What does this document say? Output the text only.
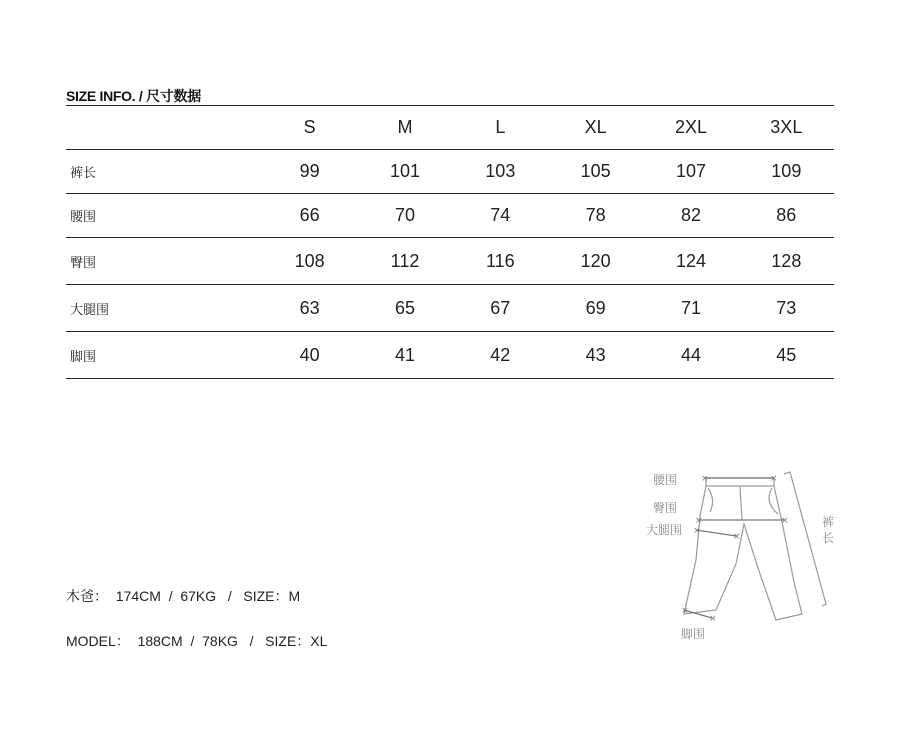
SIZE INFO. / 尺寸数据
	S	M	L	XL	2XL	3XL
裤长	99	101	103	105	107	109
腰围	66	70	74	78	82	86
臀围	108	112	116	120	124	128
大腿围	63	65	67	69	71	73
脚围	40	41	42	43	44	45
木爸：  174CM  /  67KG   /   SIZE：M
MODEL：  188CM  /  78KG   /   SIZE：XL
×	×
×	×
×
×
×
×
腰围
臀围
大腿围
脚围
裤
长
